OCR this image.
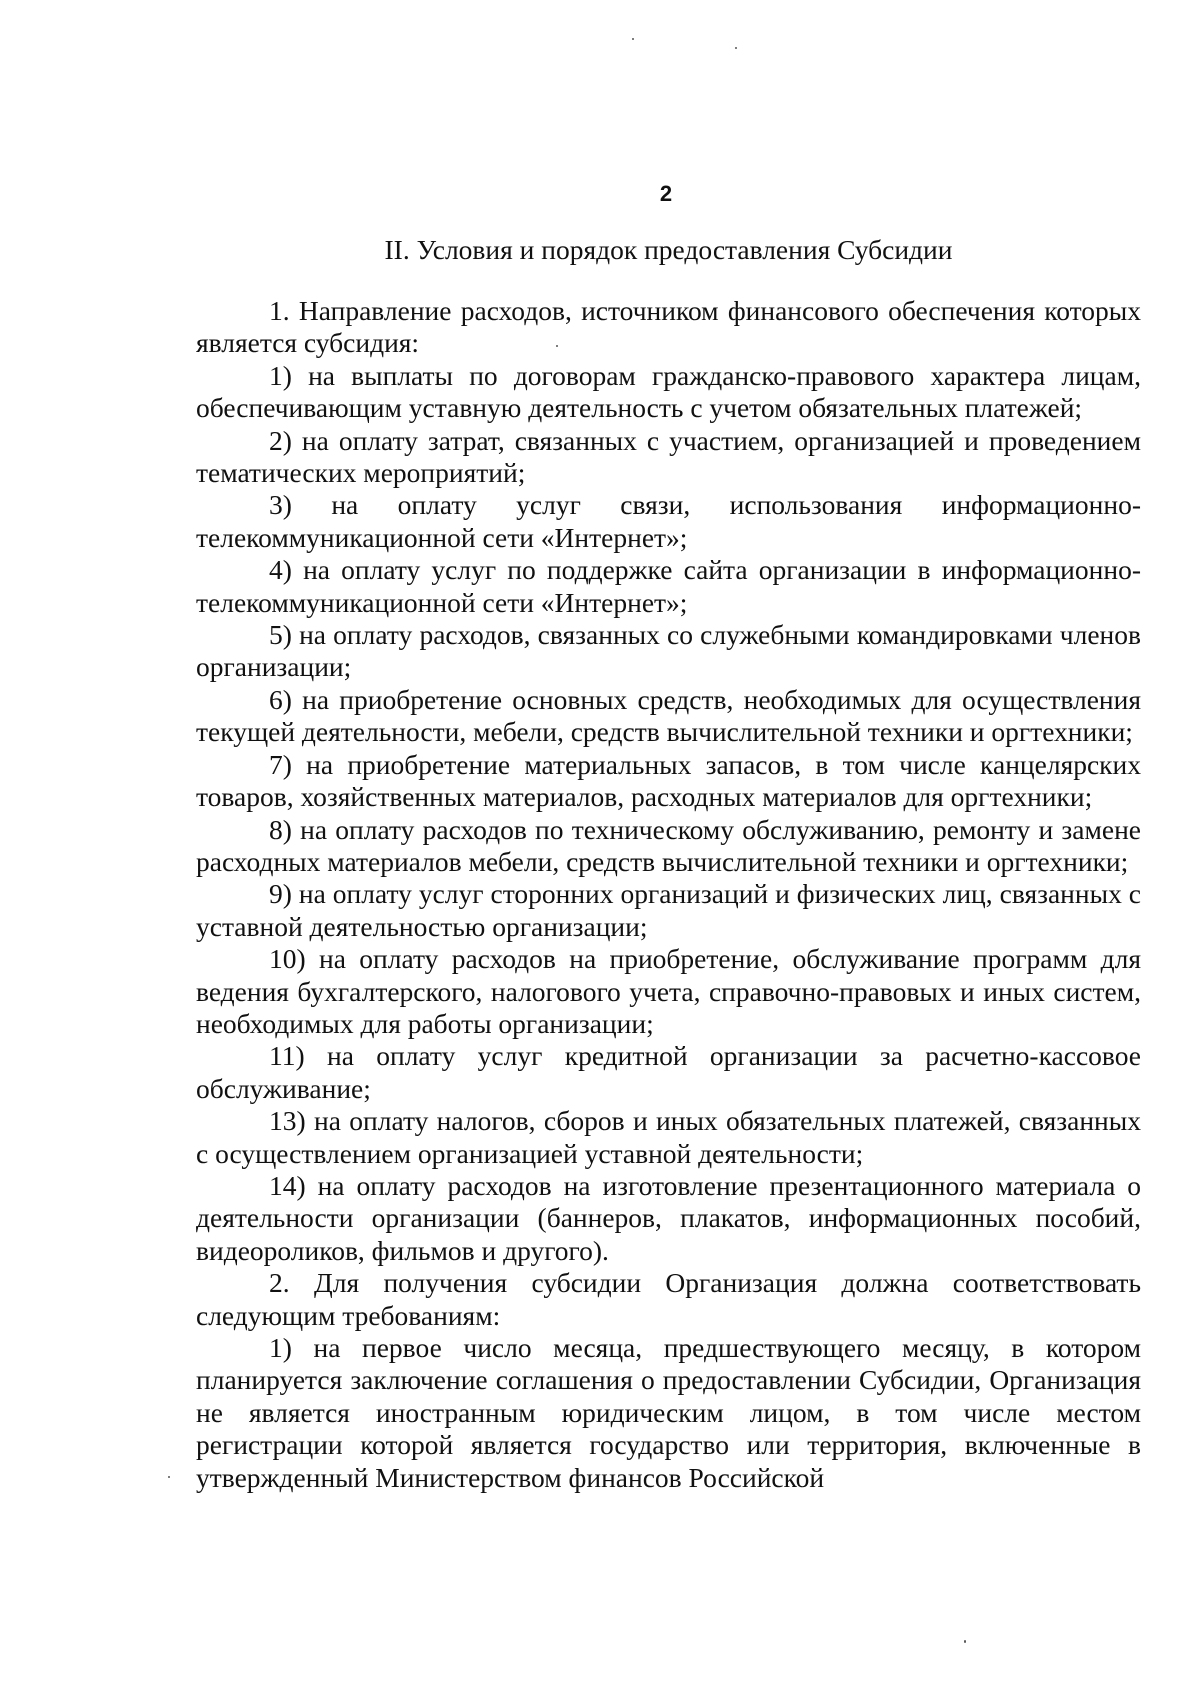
2
II. Условия и порядок предоставления Субсидии

1. Направление расходов, источником финансового обеспечения которых является субсидия:

1) на выплаты по договорам гражданско-правового характера лицам, обеспечивающим уставную деятельность с учетом обязательных платежей;

2) на оплату затрат, связанных с участием, организацией и проведением тематических мероприятий;

3) на оплату услуг связи, использования информационно-телекоммуникационной сети «Интернет»;

4) на оплату услуг по поддержке сайта организации в информационно-телекоммуникационной сети «Интернет»;

5) на оплату расходов, связанных со служебными командировками членов организации;

6) на приобретение основных средств, необходимых для осуществления текущей деятельности, мебели, средств вычислительной техники и оргтехники;

7) на приобретение материальных запасов, в том числе канцелярских товаров, хозяйственных материалов, расходных материалов для оргтехники;

8) на оплату расходов по техническому обслуживанию, ремонту и замене расходных материалов мебели, средств вычислительной техники и оргтехники;

9) на оплату услуг сторонних организаций и физических лиц, связанных с уставной деятельностью организации;

10) на оплату расходов на приобретение, обслуживание программ для ведения бухгалтерского, налогового учета, справочно-правовых и иных систем, необходимых для работы организации;

11) на оплату услуг кредитной организации за расчетно-кассовое обслуживание;

13) на оплату налогов, сборов и иных обязательных платежей, связанных с осуществлением организацией уставной деятельности;

14) на оплату расходов на изготовление презентационного материала о деятельности организации (баннеров, плакатов, информационных пособий, видеороликов, фильмов и другого).

2. Для получения субсидии Организация должна соответствовать следующим требованиям:

1) на первое число месяца, предшествующего месяцу, в котором планируется заключение соглашения о предоставлении Субсидии, Организация не является иностранным юридическим лицом, в том числе местом регистрации которой является государство или территория, включенные в утвержденный Министерством финансов Российской
